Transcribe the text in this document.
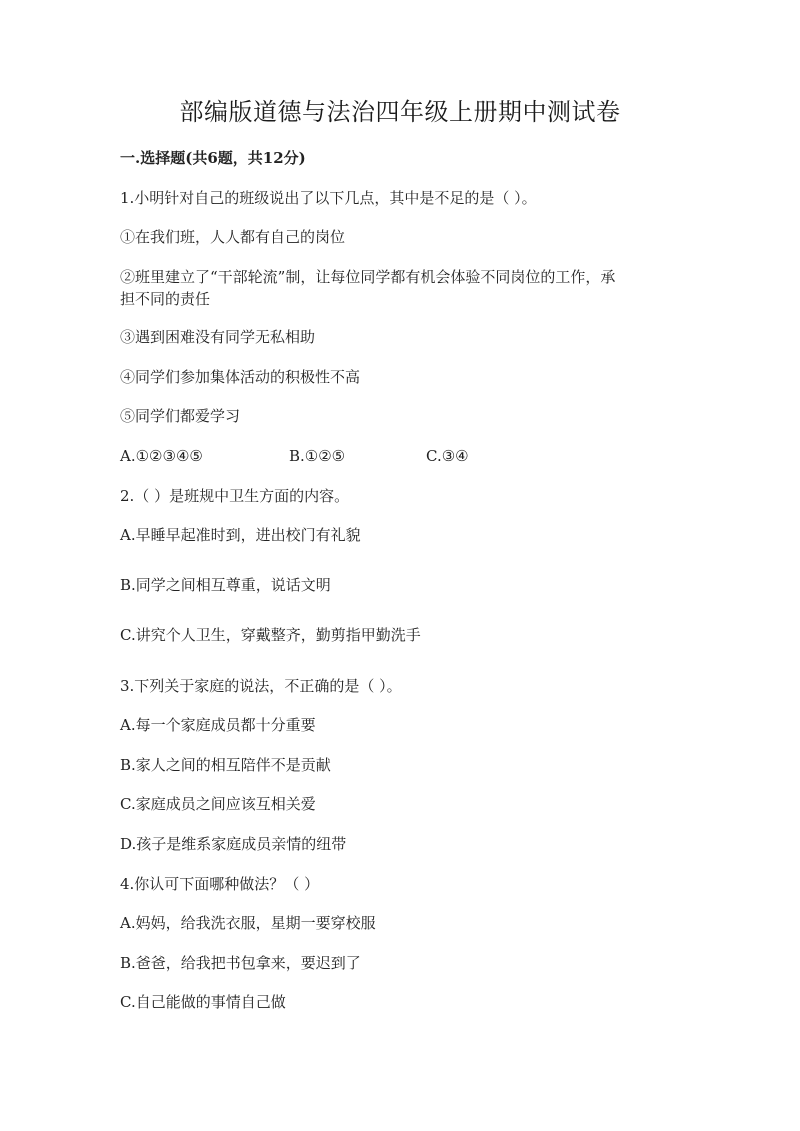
部编版道德与法治四年级上册期中测试卷
一.选择题(共6题，共12分)
1.小明针对自己的班级说出了以下几点，其中是不足的是（ ）。
①在我们班，人人都有自己的岗位
②班里建立了“干部轮流”制，让每位同学都有机会体验不同岗位的工作，承
担不同的责任
③遇到困难没有同学无私相助
④同学们参加集体活动的积极性不高
⑤同学们都爱学习
A.①②③④⑤	B.①②⑤	C.③④
2.（ ）是班规中卫生方面的内容。
A.早睡早起准时到，进出校门有礼貌
B.同学之间相互尊重，说话文明
C.讲究个人卫生，穿戴整齐，勤剪指甲勤洗手
3.下列关于家庭的说法，不正确的是（ ）。
A.每一个家庭成员都十分重要
B.家人之间的相互陪伴不是贡献
C.家庭成员之间应该互相关爱
D.孩子是维系家庭成员亲情的纽带
4.你认可下面哪种做法？（ ）
A.妈妈，给我洗衣服，星期一要穿校服
B.爸爸，给我把书包拿来，要迟到了
C.自己能做的事情自己做
